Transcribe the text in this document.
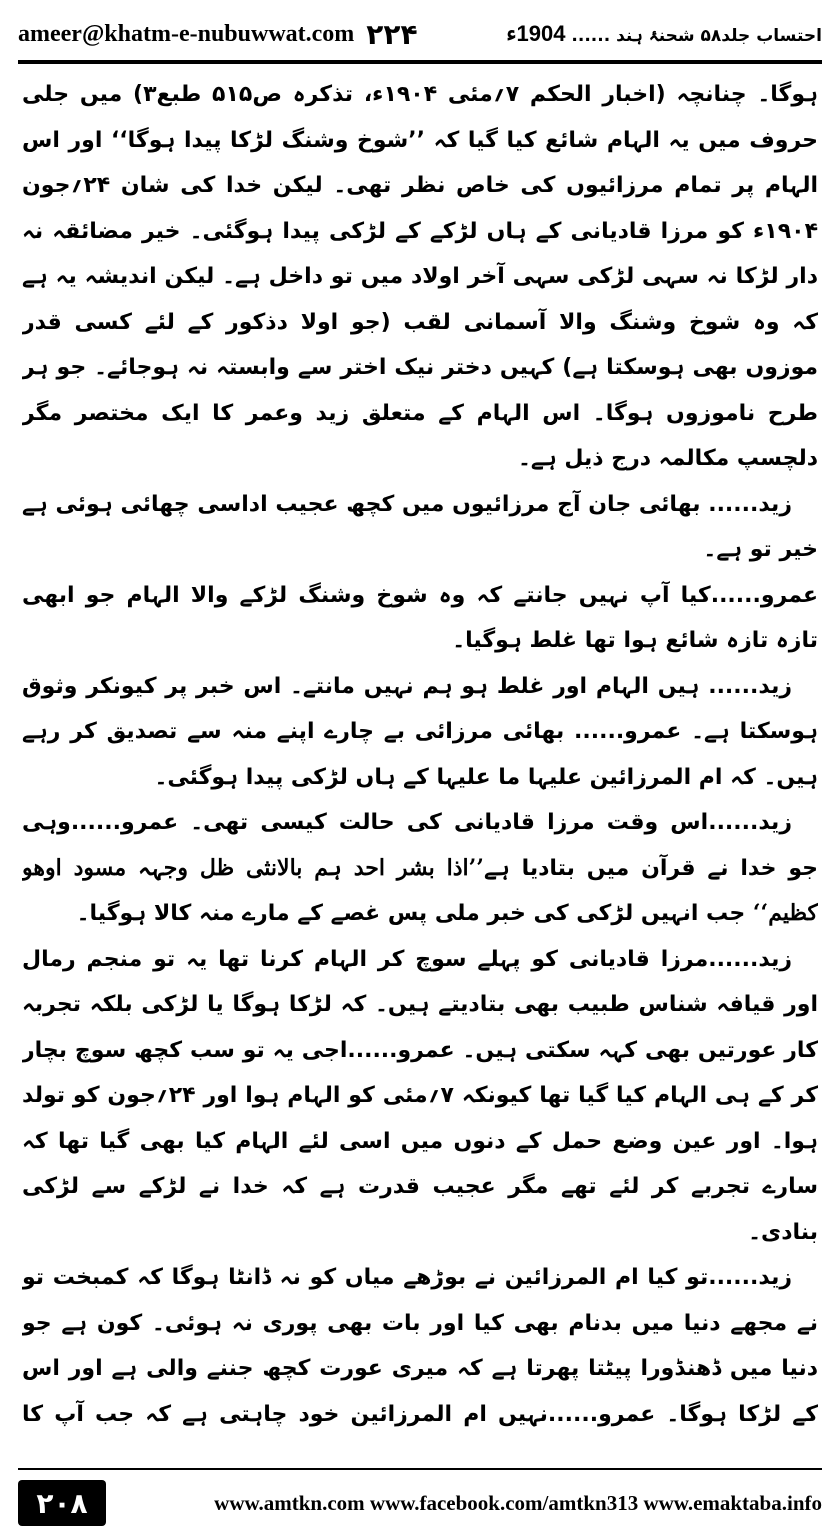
ameer@khatm-e-nubuwwat.com ۲۲۴	احتساب جلد۵۸ شحنۂ ہند ...... 1904ء

ہوگا۔ چنانچہ (اخبار الحکم ۷؍مئی ۱۹۰۴ء، تذکرہ ص۵۱۵ طبع۳) میں جلی حروف میں یہ الہام شائع کیا گیا کہ ’’شوخ وشنگ لڑکا پیدا ہوگا‘‘ اور اس الہام پر تمام مرزائیوں کی خاص نظر تھی۔ لیکن خدا کی شان ۲۴؍جون ۱۹۰۴ء کو مرزا قادیانی کے ہاں لڑکے کے لڑکی پیدا ہوگئی۔ خیر مضائقہ نہ دار لڑکا نہ سہی لڑکی سہی آخر اولاد میں تو داخل ہے۔ لیکن اندیشہ یہ ہے کہ وہ شوخ وشنگ والا آسمانی لقب (جو اولا دذکور کے لئے کسی قدر موزوں بھی ہوسکتا ہے) کہیں دختر نیک اختر سے وابستہ نہ ہوجائے۔ جو ہر طرح ناموزوں ہوگا۔ اس الہام کے متعلق زید وعمر کا ایک مختصر مگر دلچسپ مکالمہ درج ذیل ہے۔

زید...... بھائی جان آج مرزائیوں میں کچھ عجیب اداسی چھائی ہوئی ہے خیر تو ہے۔

عمرو......کیا آپ نہیں جانتے کہ وہ شوخ وشنگ لڑکے والا الہام جو ابھی تازہ تازہ شائع ہوا تھا غلط ہوگیا۔

زید...... ہیں الہام اور غلط ہو ہم نہیں مانتے۔ اس خبر پر کیونکر وثوق ہوسکتا ہے۔ عمرو...... بھائی مرزائی بے چارے اپنے منہ سے تصدیق کر رہے ہیں۔ کہ ام المرزائین علیہا ما علیہا کے ہاں لڑکی پیدا ہوگئی۔

زید......اس وقت مرزا قادیانی کی حالت کیسی تھی۔ عمرو......وہی جو خدا نے قرآن میں بتادیا ہے’’اذا بشر احد ہم بالانثی ظل وجہہ مسود اوھو کظیم‘‘ جب انہیں لڑکی کی خبر ملی پس غصے کے مارے منہ کالا ہوگیا۔

زید......مرزا قادیانی کو پہلے سوچ کر الہام کرنا تھا یہ تو منجم رمال اور قیافہ شناس طبیب بھی بتادیتے ہیں۔ کہ لڑکا ہوگا یا لڑکی بلکہ تجربہ کار عورتیں بھی کہہ سکتی ہیں۔ عمرو......اجی یہ تو سب کچھ سوچ بچار کر کے ہی الہام کیا گیا تھا کیونکہ ۷؍مئی کو الہام ہوا اور ۲۴؍جون کو تولد ہوا۔ اور عین وضع حمل کے دنوں میں اسی لئے الہام کیا بھی گیا تھا کہ سارے تجربے کر لئے تھے مگر عجیب قدرت ہے کہ خدا نے لڑکے سے لڑکی بنادی۔

زید......تو کیا ام المرزائین نے بوڑھے میاں کو نہ ڈانٹا ہوگا کہ کمبخت تو نے مجھے دنیا میں بدنام بھی کیا اور بات بھی پوری نہ ہوئی۔ کون ہے جو دنیا میں ڈھنڈورا پیٹتا پھرتا ہے کہ میری عورت کچھ جننے والی ہے اور اس کے لڑکا ہوگا۔ عمرو......نہیں ام المرزائین خود چاہتی ہے کہ جب آپ کا

۲۰۸	www.amtkn.com www.facebook.com/amtkn313 www.emaktaba.info
